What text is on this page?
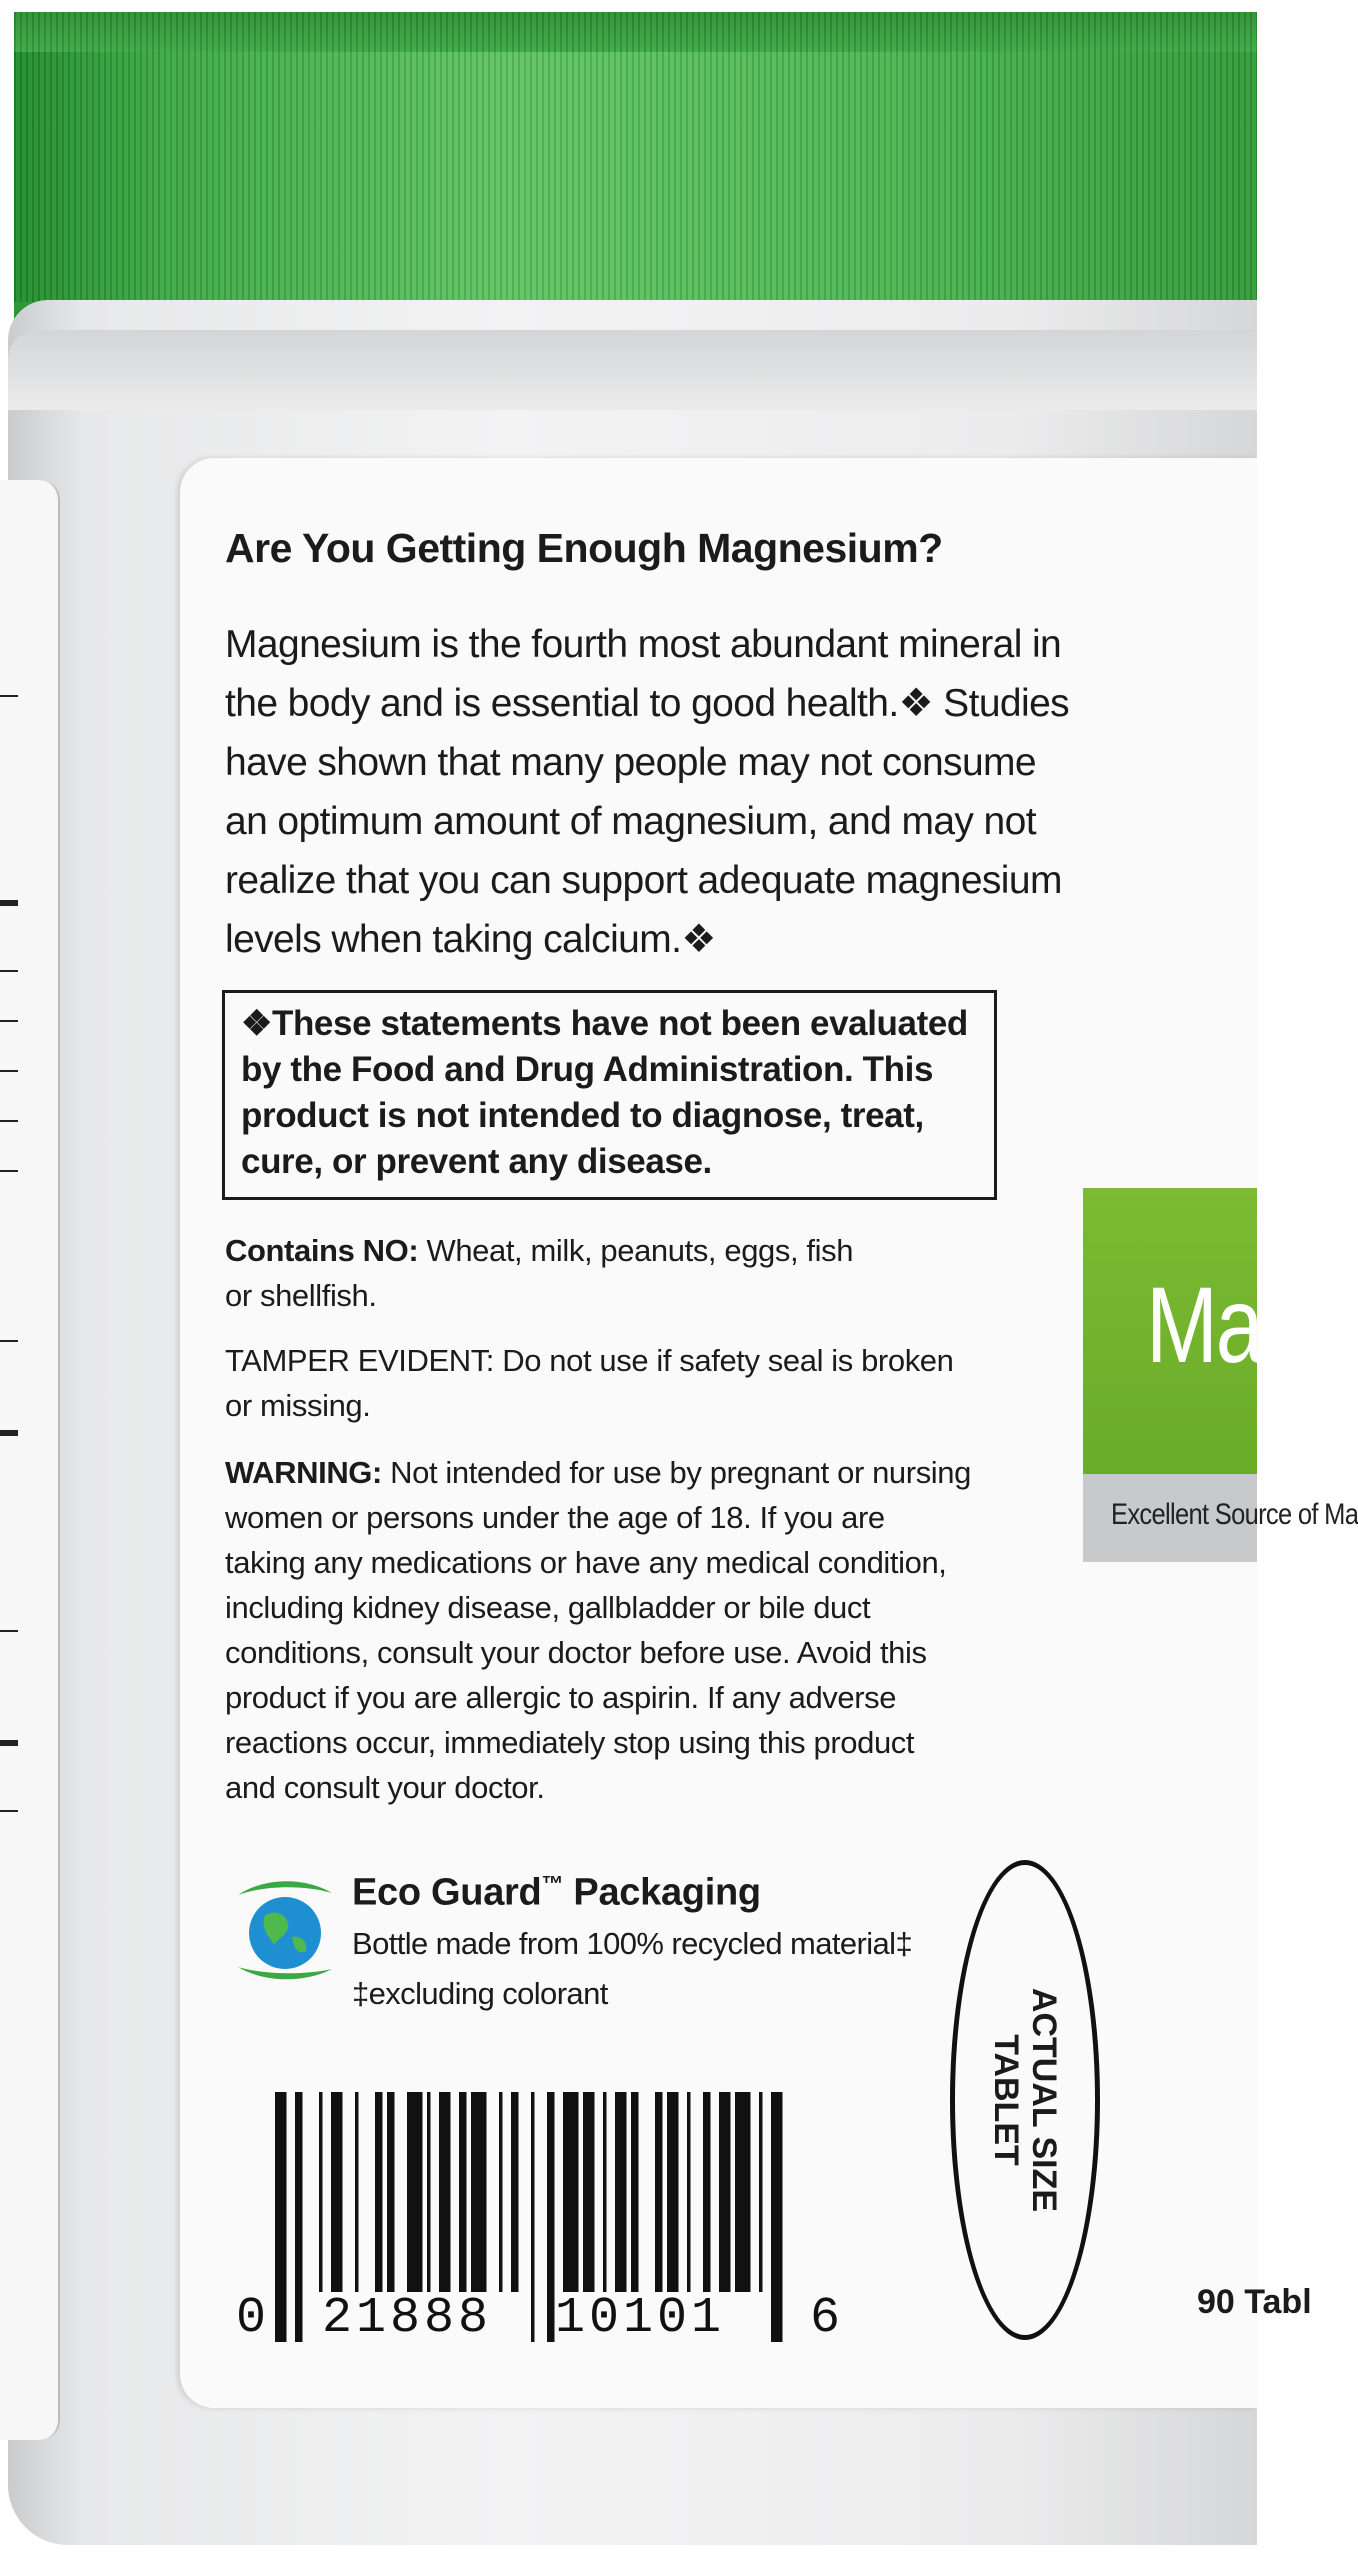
Are You Getting Enough Magnesium?
Magnesium is the fourth most abundant mineral in
the body and is essential to good health.❖ Studies
have shown that many people may not consume
an optimum amount of magnesium, and may not
realize that you can support adequate magnesium
levels when taking calcium.❖
❖These statements have not been evaluated
by the Food and Drug Administration. This
product is not intended to diagnose, treat,
cure, or prevent any disease.
Contains NO: Wheat, milk, peanuts, eggs, fish
or shellfish.
TAMPER EVIDENT: Do not use if safety seal is broken
or missing.
WARNING: Not intended for use by pregnant or nursing
women or persons under the age of 18. If you are
taking any medications or have any medical condition,
including kidney disease, gallbladder or bile duct
conditions, consult your doctor before use. Avoid this
product if you are allergic to aspirin. If any adverse
reactions occur, immediately stop using this product
and consult your doctor.
Eco Guard™ Packaging
Bottle made from 100% recycled material‡
‡excluding colorant
0 21888 10101 6
ACTUAL SIZE
TABLET
Magn
Excellent Source of Ma
90 Tabl
